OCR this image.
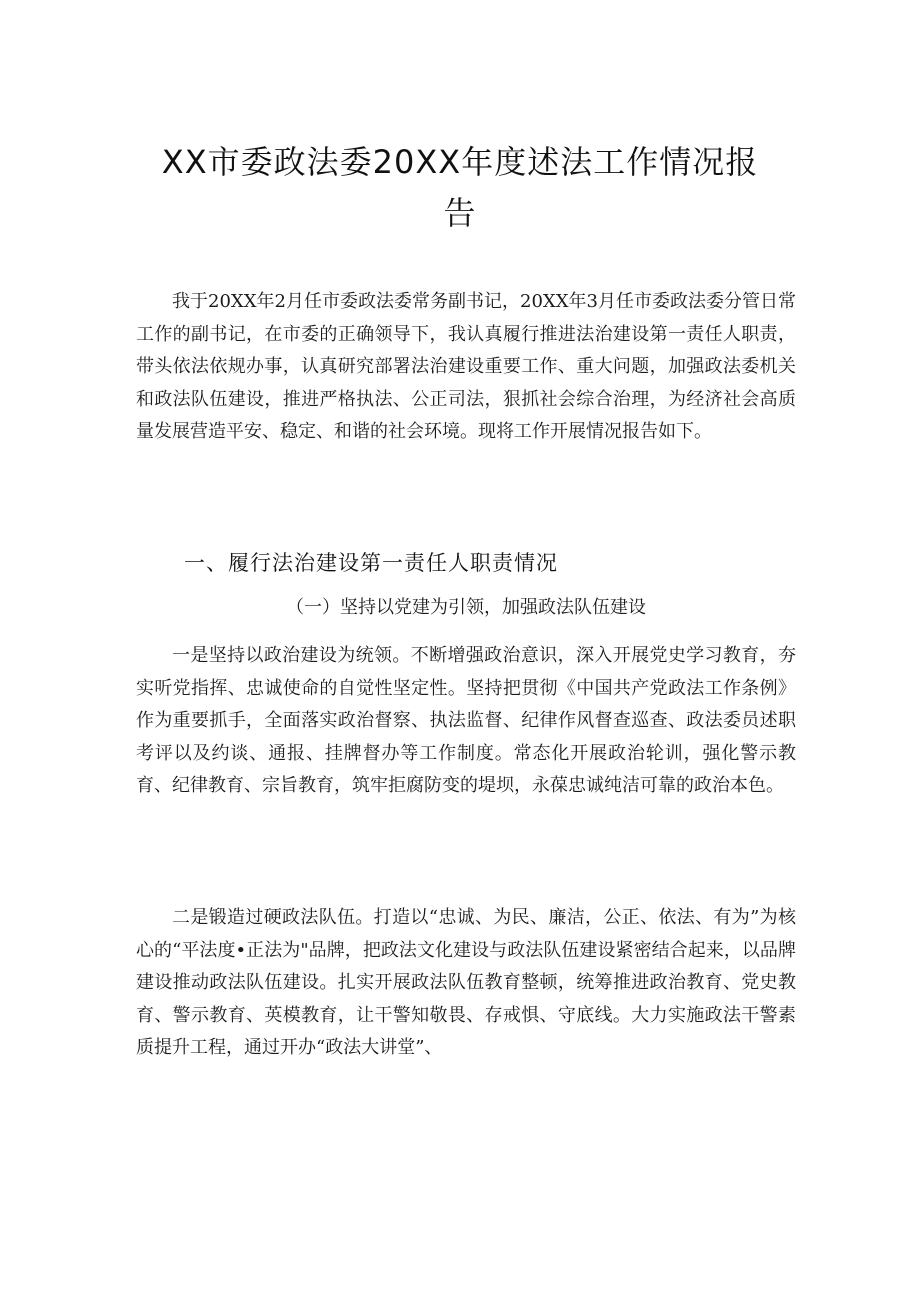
XX市委政法委20XX年度述法工作情况报
告

我于20XX年2月任市委政法委常务副书记，20XX年3月任市委政法委分管日常工作的副书记，在市委的正确领导下，我认真履行推进法治建设第一责任人职责，带头依法依规办事，认真研究部署法治建设重要工作、重大问题，加强政法委机关和政法队伍建设，推进严格执法、公正司法，狠抓社会综合治理，为经济社会高质量发展营造平安、稳定、和谐的社会环境。现将工作开展情况报告如下。

一、履行法治建设第一责任人职责情况
（一）坚持以党建为引领，加强政法队伍建设

一是坚持以政治建设为统领。不断增强政治意识，深入开展党史学习教育，夯实听党指挥、忠诚使命的自觉性坚定性。坚持把贯彻《中国共产党政法工作条例》作为重要抓手，全面落实政治督察、执法监督、纪律作风督查巡查、政法委员述职考评以及约谈、通报、挂牌督办等工作制度。常态化开展政治轮训，强化警示教育、纪律教育、宗旨教育，筑牢拒腐防变的堤坝，永葆忠诚纯洁可靠的政治本色。

二是锻造过硬政法队伍。打造以“忠诚、为民、廉洁，公正、依法、有为”为核心的“平法度•正法为"品牌，把政法文化建设与政法队伍建设紧密结合起来，以品牌建设推动政法队伍建设。扎实开展政法队伍教育整顿，统筹推进政治教育、党史教育、警示教育、英模教育，让干警知敬畏、存戒惧、守底线。大力实施政法干警素质提升工程，通过开办“政法大讲堂”、
